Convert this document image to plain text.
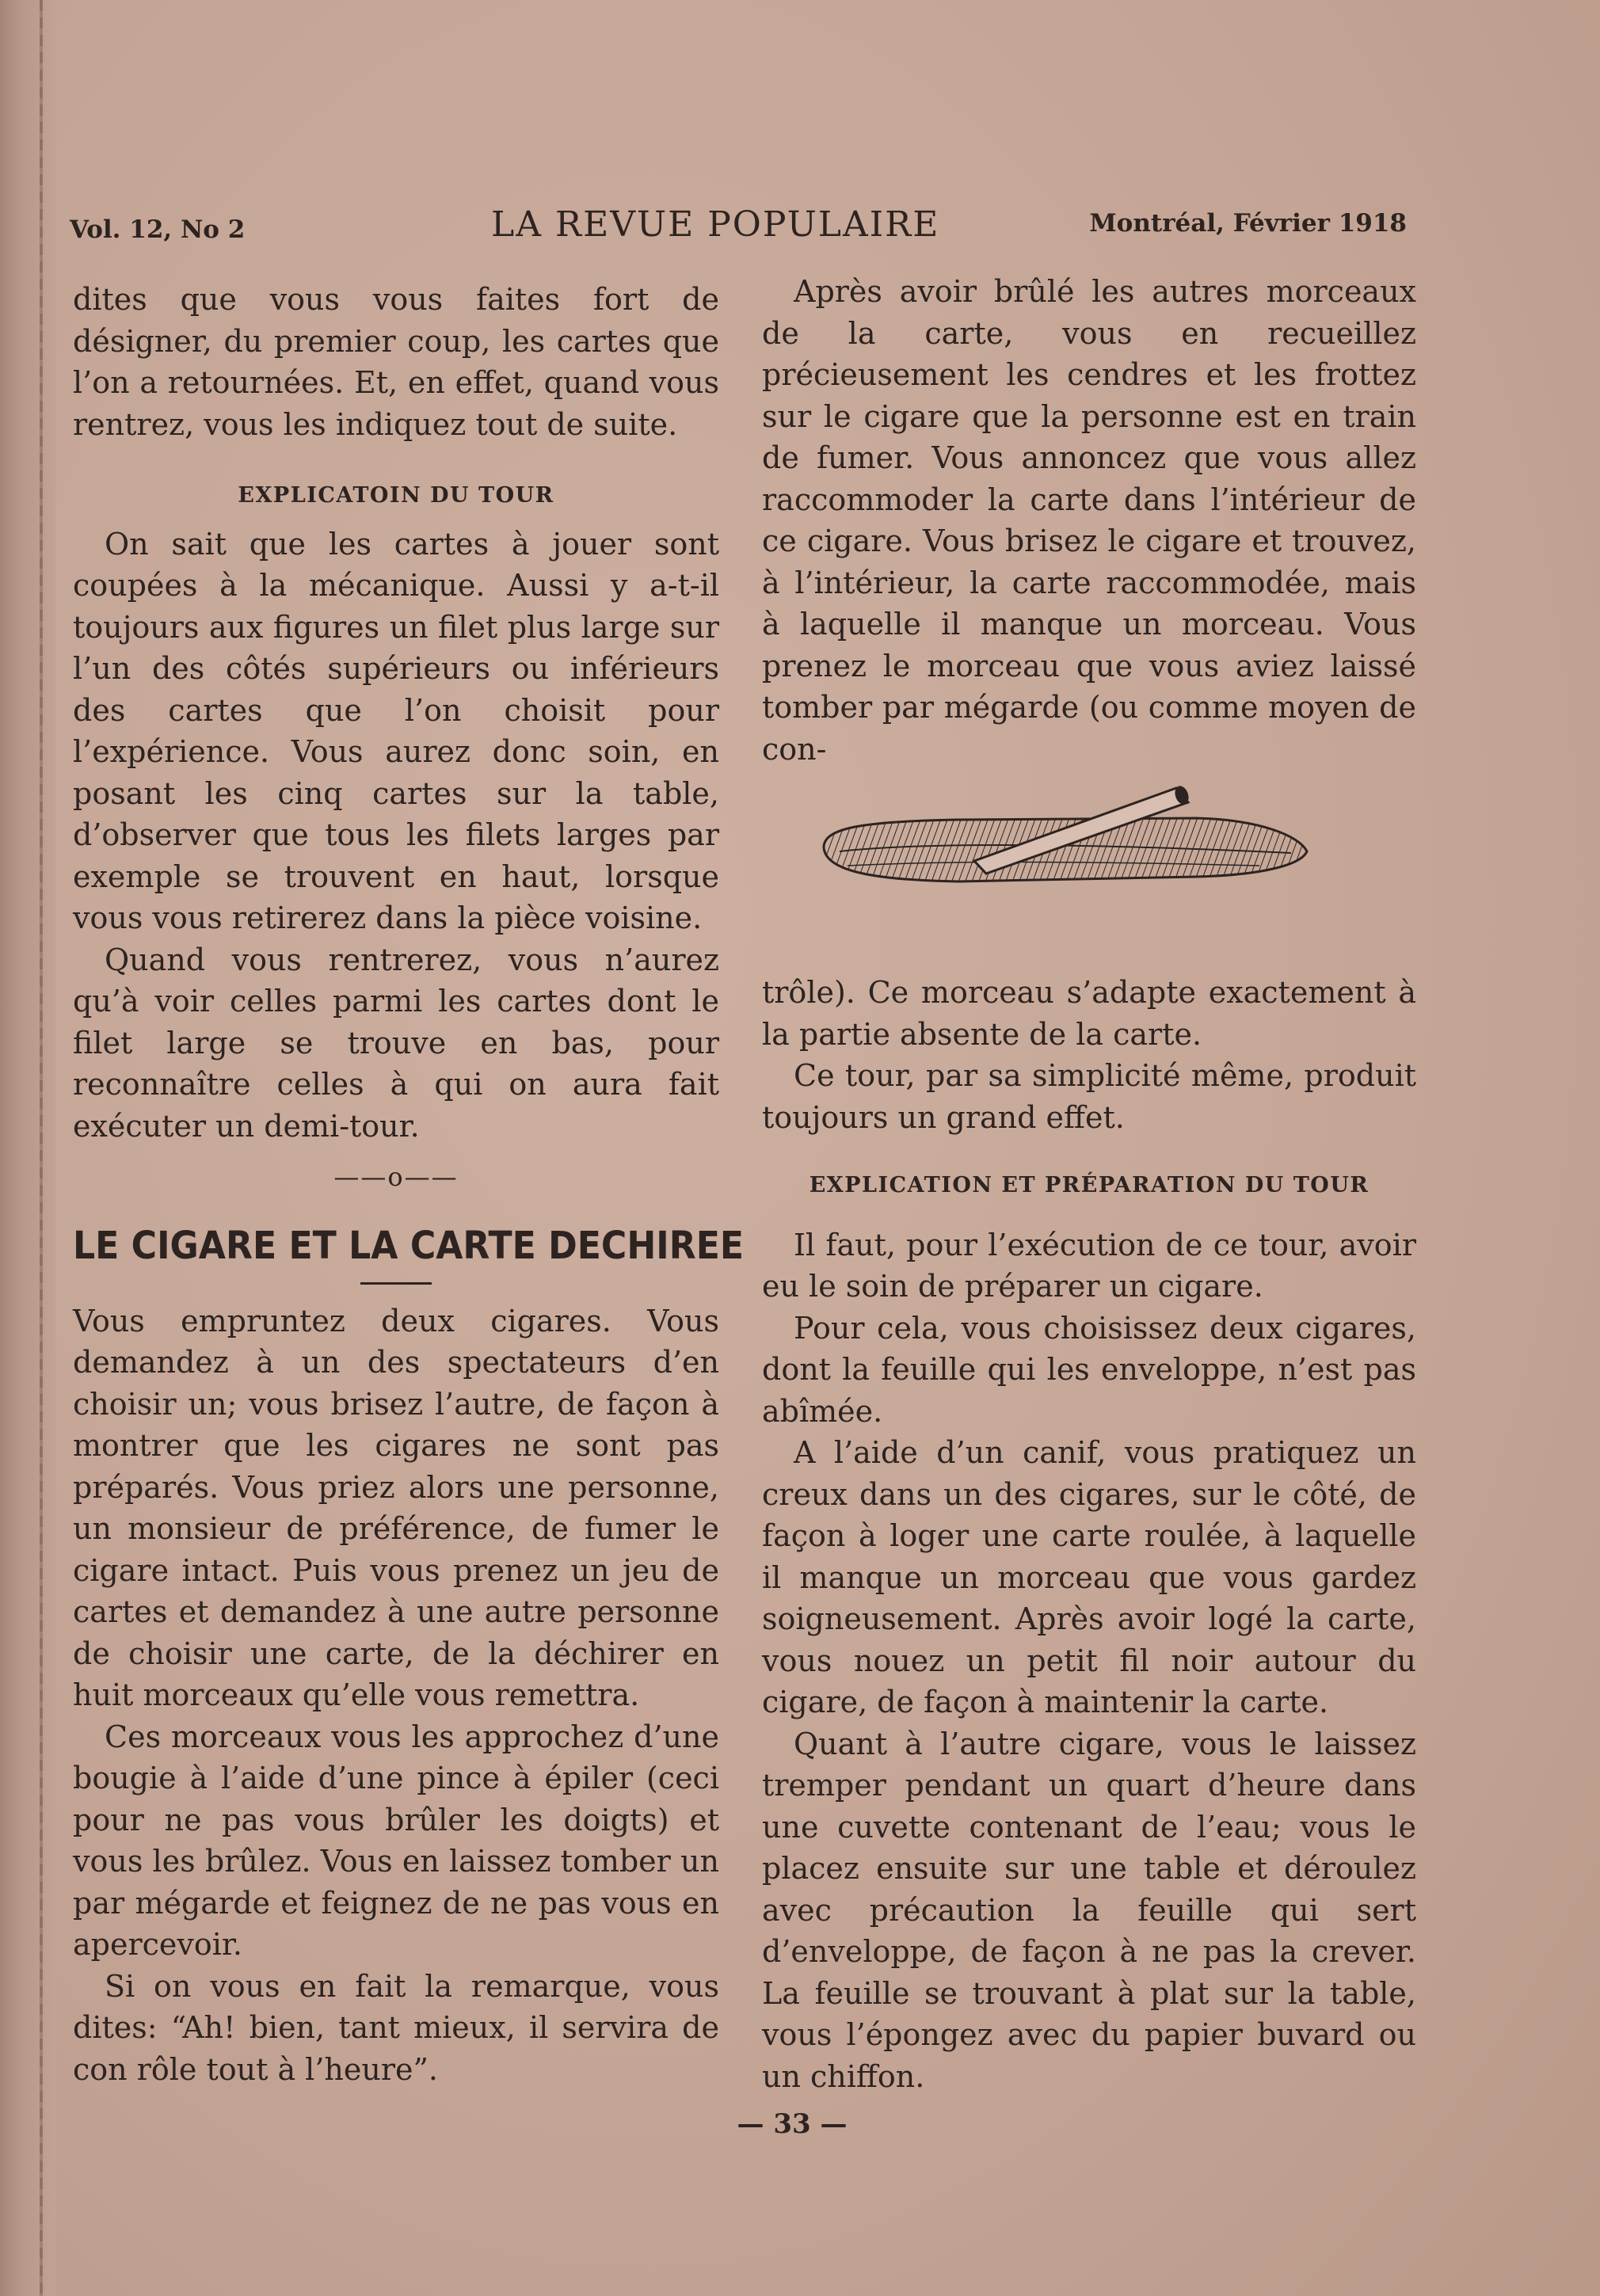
Vol. 12, No 2	LA REVUE POPULAIRE	Montréal, Février 1918

dites que vous vous faites fort de désigner, du premier coup, les cartes que l’on a retournées. Et, en effet, quand vous rentrez, vous les indiquez tout de suite.

EXPLICATOIN DU TOUR

On sait que les cartes à jouer sont coupées à la mécanique. Aussi y a-t-il toujours aux figures un filet plus large sur l’un des côtés supérieurs ou inférieurs des cartes que l’on choisit pour l’expérience. Vous aurez donc soin, en posant les cinq cartes sur la table, d’observer que tous les filets larges par exemple se trouvent en haut, lorsque vous vous retirerez dans la pièce voisine.

Quand vous rentrerez, vous n’aurez qu’à voir celles parmi les cartes dont le filet large se trouve en bas, pour reconnaître celles à qui on aura fait exécuter un demi-tour.

——o——
LE CIGARE ET LA CARTE DECHIREE

Vous empruntez deux cigares. Vous demandez à un des spectateurs d’en choisir un; vous brisez l’autre, de façon à montrer que les cigares ne sont pas préparés. Vous priez alors une personne, un monsieur de préférence, de fumer le cigare intact. Puis vous prenez un jeu de cartes et demandez à une autre personne de choisir une carte, de la déchirer en huit morceaux qu’elle vous remettra.

Ces morceaux vous les approchez d’une bougie à l’aide d’une pince à épiler (ceci pour ne pas vous brûler les doigts) et vous les brûlez. Vous en laissez tomber un par mégarde et feignez de ne pas vous en apercevoir.

Si on vous en fait la remarque, vous dites: “Ah! bien, tant mieux, il servira de con rôle tout à l’heure”.

Après avoir brûlé les autres morceaux de la carte, vous en recueillez précieusement les cendres et les frottez sur le cigare que la personne est en train de fumer. Vous annoncez que vous allez raccommoder la carte dans l’intérieur de ce cigare. Vous brisez le cigare et trouvez, à l’intérieur, la carte raccommodée, mais à laquelle il manque un morceau. Vous prenez le morceau que vous aviez laissé tomber par mégarde (ou comme moyen de con-

trôle). Ce morceau s’adapte exactement à la partie absente de la carte.

Ce tour, par sa simplicité même, produit toujours un grand effet.

EXPLICATION ET PRÉPARATION DU TOUR

Il faut, pour l’exécution de ce tour, avoir eu le soin de préparer un cigare.

Pour cela, vous choisissez deux cigares, dont la feuille qui les enveloppe, n’est pas abîmée.

A l’aide d’un canif, vous pratiquez un creux dans un des cigares, sur le côté, de façon à loger une carte roulée, à laquelle il manque un morceau que vous gardez soigneusement. Après avoir logé la carte, vous nouez un petit fil noir autour du cigare, de façon à maintenir la carte.

Quant à l’autre cigare, vous le laissez tremper pendant un quart d’heure dans une cuvette contenant de l’eau; vous le placez ensuite sur une table et déroulez avec précaution la feuille qui sert d’enveloppe, de façon à ne pas la crever. La feuille se trouvant à plat sur la table, vous l’épongez avec du papier buvard ou un chiffon.

— 33 —
